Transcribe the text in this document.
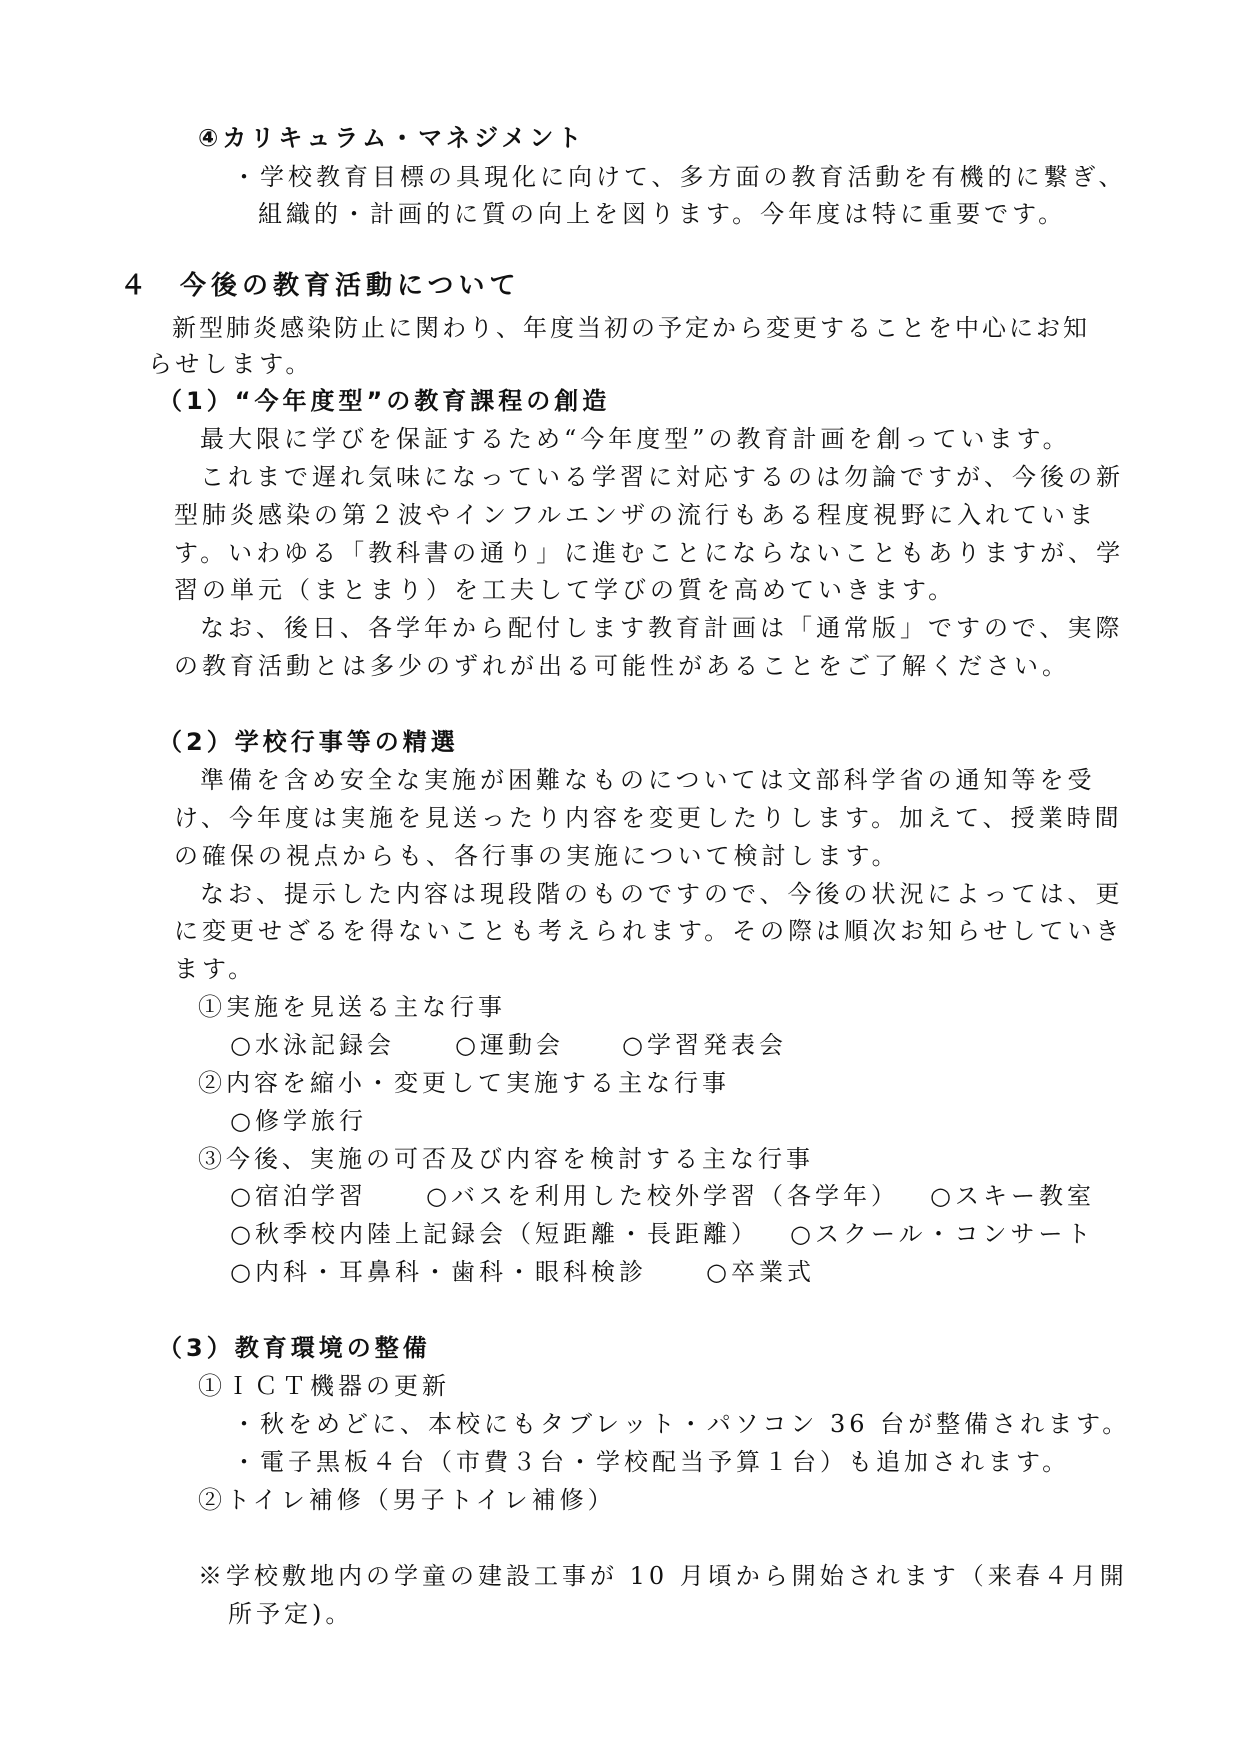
④カリキュラム・マネジメント
・学校教育目標の具現化に向けて、多方面の教育活動を有機的に繋ぎ、
組織的・計画的に質の向上を図ります。今年度は特に重要です。
４ 今後の教育活動について
新型肺炎感染防止に関わり、年度当初の予定から変更することを中心にお知
らせします。
（1）“今年度型”の教育課程の創造
最大限に学びを保証するため“今年度型”の教育計画を創っています。
これまで遅れ気味になっている学習に対応するのは勿論ですが、今後の新
型肺炎感染の第２波やインフルエンザの流行もある程度視野に入れていま
す。いわゆる「教科書の通り」に進むことにならないこともありますが、学
習の単元（まとまり）を工夫して学びの質を高めていきます。
なお、後日、各学年から配付します教育計画は「通常版」ですので、実際
の教育活動とは多少のずれが出る可能性があることをご了解ください。
（2）学校行事等の精選
準備を含め安全な実施が困難なものについては文部科学省の通知等を受
け、今年度は実施を見送ったり内容を変更したりします。加えて、授業時間
の確保の視点からも、各行事の実施について検討します。
なお、提示した内容は現段階のものですので、今後の状況によっては、更
に変更せざるを得ないことも考えられます。その際は順次お知らせしていき
ます。
①実施を見送る主な行事
○水泳記録会	○運動会 ○学習発表会
②内容を縮小・変更して実施する主な行事
○修学旅行
③今後、実施の可否及び内容を検討する主な行事
○宿泊学習 ○バスを利用した校外学習（各学年） ○スキー教室
○秋季校内陸上記録会（短距離・長距離） ○スクール・コンサート
○内科・耳鼻科・歯科・眼科検診 ○卒業式
（3）教育環境の整備
①ＩＣＴ機器の更新
・秋をめどに、本校にもタブレット・パソコン 36 台が整備されます。
・電子黒板４台（市費３台・学校配当予算１台）も追加されます。
②トイレ補修（男子トイレ補修）
※学校敷地内の学童の建設工事が 10 月頃から開始されます（来春４月開
所予定)。
